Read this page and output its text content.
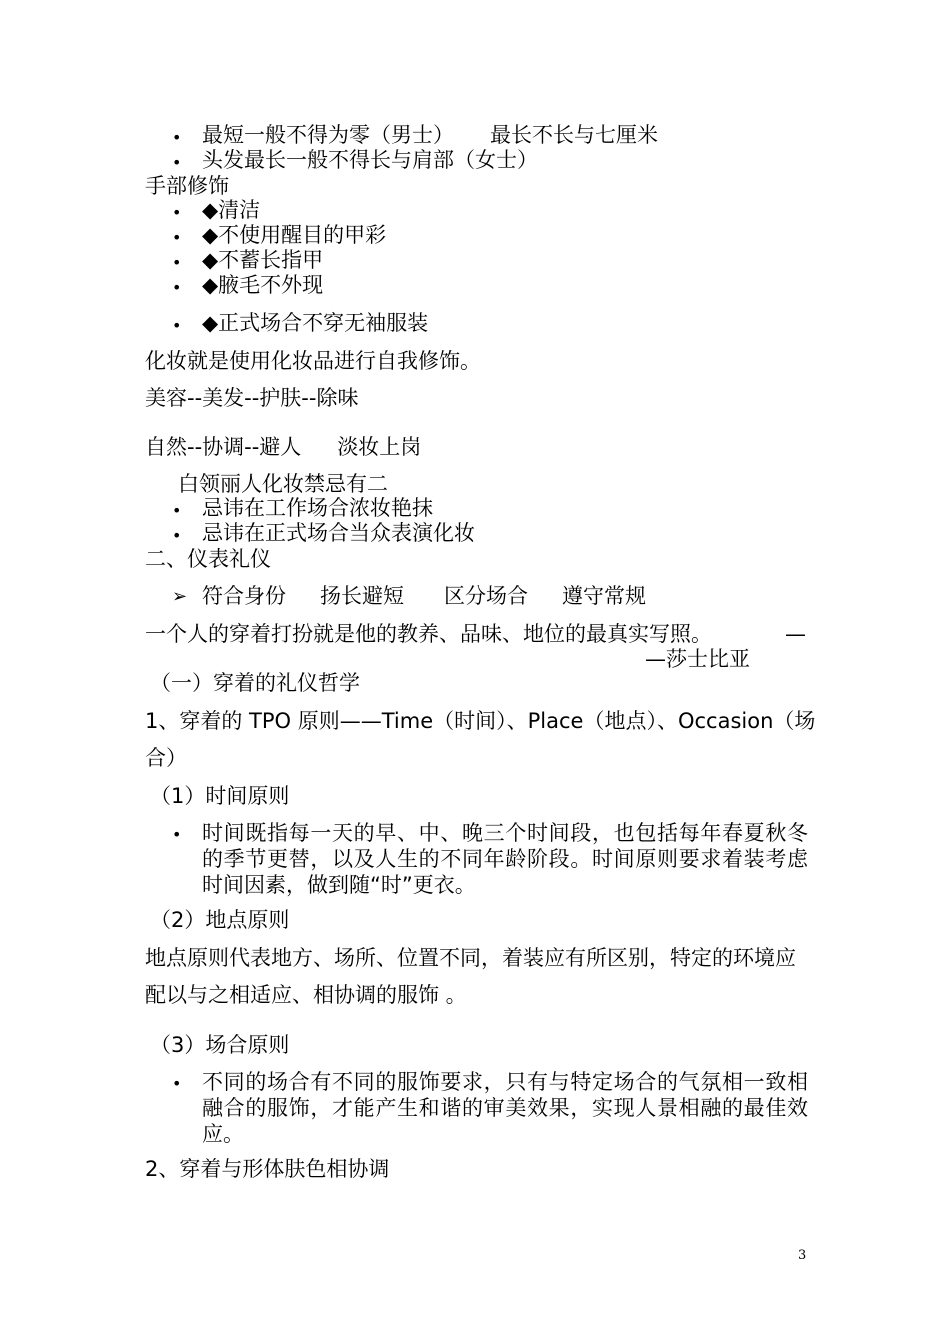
• 最短一般不得为零（男士） 最长不长与七厘米
• 头发最长一般不得长与肩部（女士）
手部修饰
• ◆清洁
• ◆不使用醒目的甲彩
• ◆不蓄长指甲
• ◆腋毛不外现
• ◆正式场合不穿无袖服装
化妆就是使用化妆品进行自我修饰。
美容--美发--护肤--除味
自然--协调--避人 淡妆上岗
白领丽人化妆禁忌有二
• 忌讳在工作场合浓妆艳抹
• 忌讳在正式场合当众表演化妆
二、仪表礼仪
➢ 符合身份 扬长避短 区分场合 遵守常规
一个人的穿着打扮就是他的教养、品味、地位的最真实写照。	—
—莎士比亚
（一）穿着的礼仪哲学
1、穿着的 TPO 原则——Time（时间）、Place（地点）、Occasion（场
合）
（1）时间原则
• 时间既指每一天的早、中、晚三个时间段，也包括每年春夏秋冬的季节更替，以及人生的不同年龄阶段。时间原则要求着装考虑时间因素，做到随“时”更衣。
（2）地点原则
地点原则代表地方、场所、位置不同，着装应有所区别，特定的环境应
配以与之相适应、相协调的服饰 。
（3）场合原则
• 不同的场合有不同的服饰要求，只有与特定场合的气氛相一致相融合的服饰，才能产生和谐的审美效果，实现人景相融的最佳效应。
2、穿着与形体肤色相协调
3
